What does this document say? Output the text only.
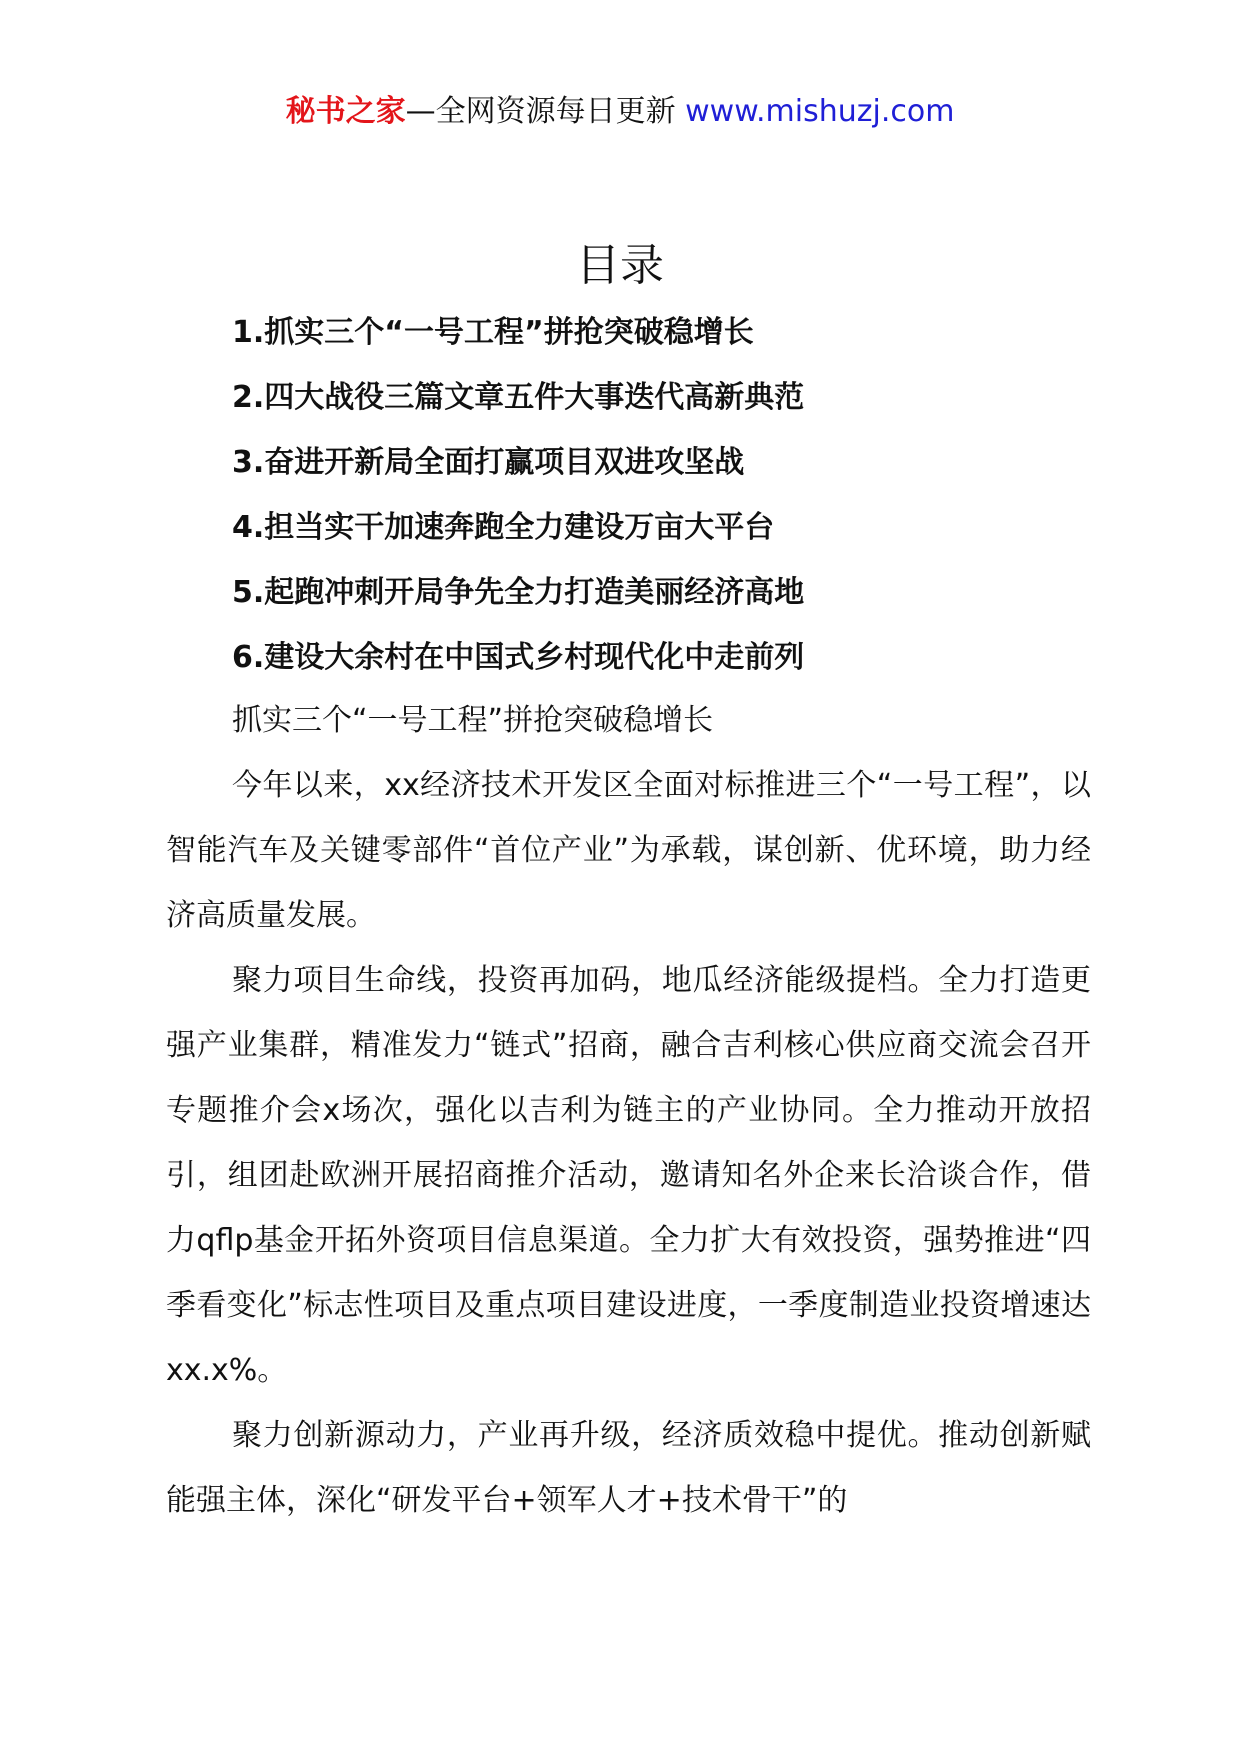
秘书之家—全网资源每日更新 www.mishuzj.com
目录
1.抓实三个“一号工程”拼抢突破稳增长
2.四大战役三篇文章五件大事迭代高新典范
3.奋进开新局全面打赢项目双进攻坚战
4.担当实干加速奔跑全力建设万亩大平台
5.起跑冲刺开局争先全力打造美丽经济高地
6.建设大余村在中国式乡村现代化中走前列

抓实三个“一号工程”拼抢突破稳增长

今年以来，xx经济技术开发区全面对标推进三个“一号工程”，以智能汽车及关键零部件“首位产业”为承载，谋创新、优环境，助力经济高质量发展。

聚力项目生命线，投资再加码，地瓜经济能级提档。全力打造更强产业集群，精准发力“链式”招商，融合吉利核心供应商交流会召开专题推介会x场次，强化以吉利为链主的产业协同。全力推动开放招引，组团赴欧洲开展招商推介活动，邀请知名外企来长洽谈合作，借力qflp基金开拓外资项目信息渠道。全力扩大有效投资，强势推进“四季看变化”标志性项目及重点项目建设进度，一季度制造业投资增速达xx.x%。

聚力创新源动力，产业再升级，经济质效稳中提优。推动创新赋能强主体，深化“研发平台+领军人才+技术骨干”的
